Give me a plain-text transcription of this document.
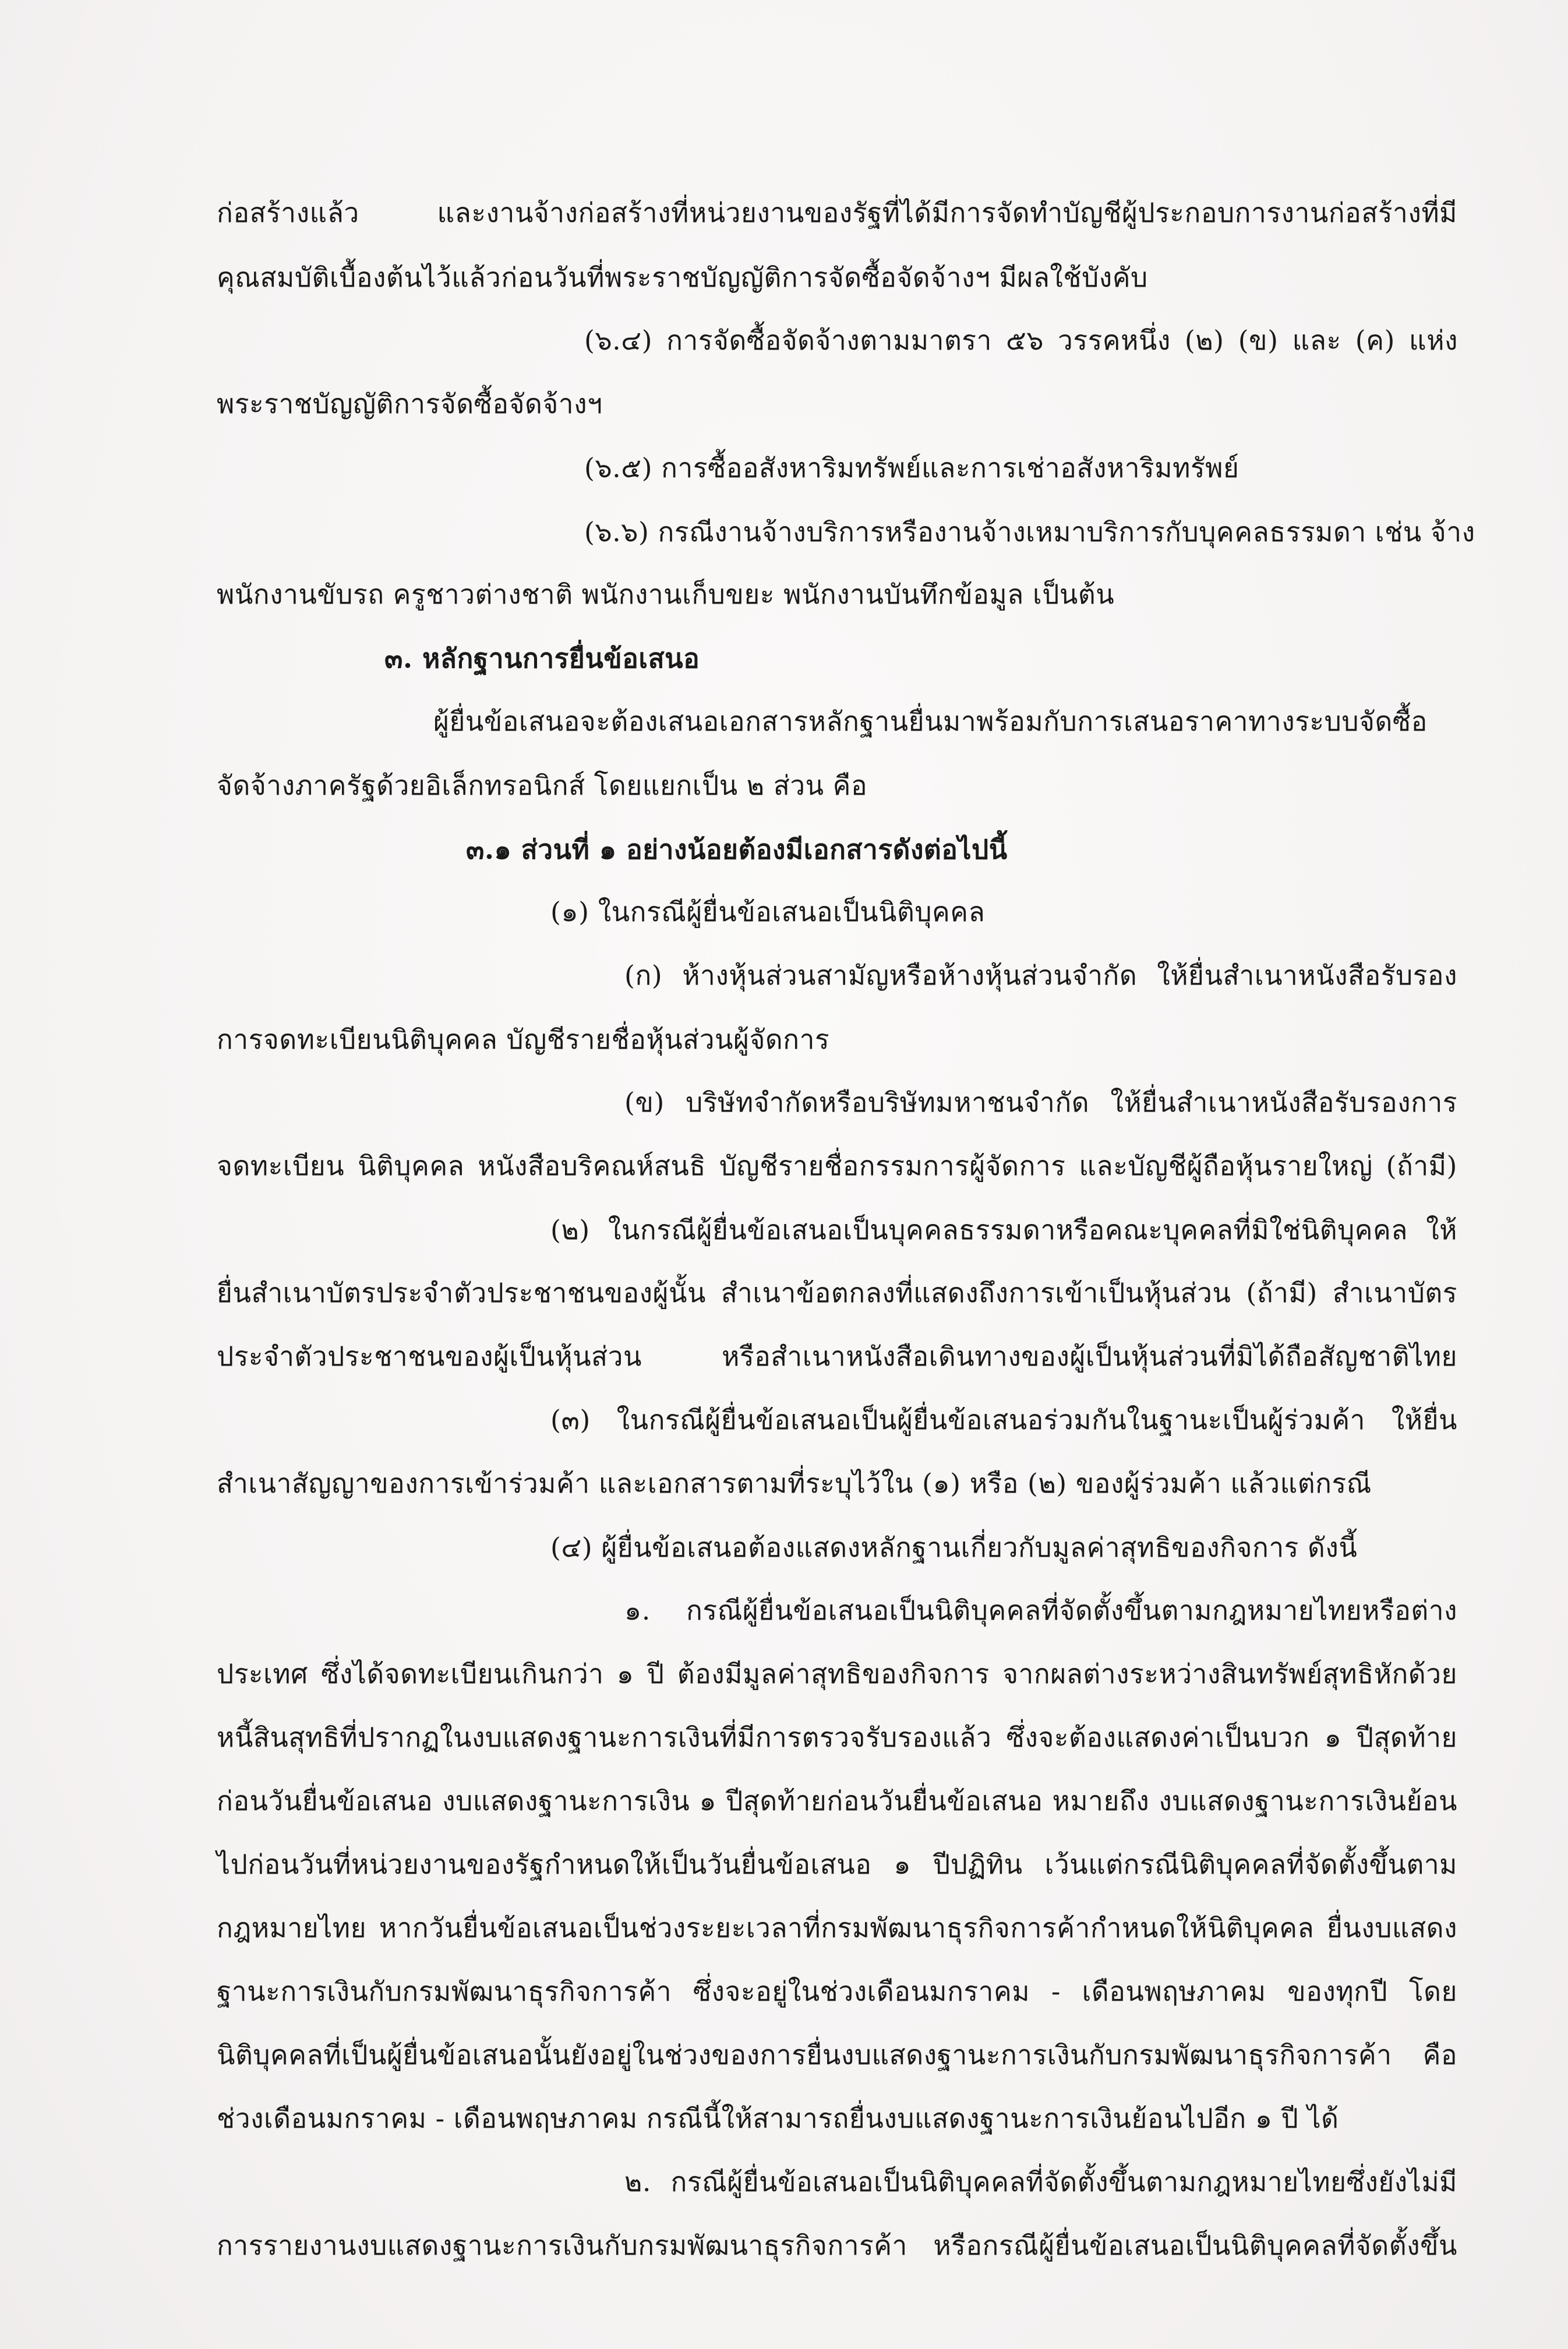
ก่อสร้างแล้ว และงานจ้างก่อสร้างที่หน่วยงานของรัฐที่ได้มีการจัดทำบัญชีผู้ประกอบการงานก่อสร้างที่มี
คุณสมบัติเบื้องต้นไว้แล้วก่อนวันที่พระราชบัญญัติการจัดซื้อจัดจ้างฯ มีผลใช้บังคับ
(๖.๔) การจัดซื้อจัดจ้างตามมาตรา ๕๖ วรรคหนึ่ง (๒) (ข) และ (ค) แห่ง
พระราชบัญญัติการจัดซื้อจัดจ้างฯ
(๖.๕) การซื้ออสังหาริมทรัพย์และการเช่าอสังหาริมทรัพย์
(๖.๖) กรณีงานจ้างบริการหรืองานจ้างเหมาบริการกับบุคคลธรรมดา เช่น จ้าง
พนักงานขับรถ ครูชาวต่างชาติ พนักงานเก็บขยะ พนักงานบันทึกข้อมูล เป็นต้น
๓. หลักฐานการยื่นข้อเสนอ
ผู้ยื่นข้อเสนอจะต้องเสนอเอกสารหลักฐานยื่นมาพร้อมกับการเสนอราคาทางระบบจัดซื้อ
จัดจ้างภาครัฐด้วยอิเล็กทรอนิกส์ โดยแยกเป็น ๒ ส่วน คือ
๓.๑ ส่วนที่ ๑ อย่างน้อยต้องมีเอกสารดังต่อไปนี้
(๑) ในกรณีผู้ยื่นข้อเสนอเป็นนิติบุคคล
(ก) ห้างหุ้นส่วนสามัญหรือห้างหุ้นส่วนจำกัด ให้ยื่นสำเนาหนังสือรับรอง
การจดทะเบียนนิติบุคคล บัญชีรายชื่อหุ้นส่วนผู้จัดการ
(ข) บริษัทจำกัดหรือบริษัทมหาชนจำกัด ให้ยื่นสำเนาหนังสือรับรองการ
จดทะเบียน นิติบุคคล หนังสือบริคณห์สนธิ บัญชีรายชื่อกรรมการผู้จัดการ และบัญชีผู้ถือหุ้นรายใหญ่ (ถ้ามี)
(๒) ในกรณีผู้ยื่นข้อเสนอเป็นบุคคลธรรมดาหรือคณะบุคคลที่มิใช่นิติบุคคล ให้
ยื่นสำเนาบัตรประจำตัวประชาชนของผู้นั้น สำเนาข้อตกลงที่แสดงถึงการเข้าเป็นหุ้นส่วน (ถ้ามี) สำเนาบัตร
ประจำตัวประชาชนของผู้เป็นหุ้นส่วน หรือสำเนาหนังสือเดินทางของผู้เป็นหุ้นส่วนที่มิได้ถือสัญชาติไทย
(๓) ในกรณีผู้ยื่นข้อเสนอเป็นผู้ยื่นข้อเสนอร่วมกันในฐานะเป็นผู้ร่วมค้า ให้ยื่น
สำเนาสัญญาของการเข้าร่วมค้า และเอกสารตามที่ระบุไว้ใน (๑) หรือ (๒) ของผู้ร่วมค้า แล้วแต่กรณี
(๔) ผู้ยื่นข้อเสนอต้องแสดงหลักฐานเกี่ยวกับมูลค่าสุทธิของกิจการ ดังนี้
๑. กรณีผู้ยื่นข้อเสนอเป็นนิติบุคคลที่จัดตั้งขึ้นตามกฎหมายไทยหรือต่าง
ประเทศ ซึ่งได้จดทะเบียนเกินกว่า ๑ ปี ต้องมีมูลค่าสุทธิของกิจการ จากผลต่างระหว่างสินทรัพย์สุทธิหักด้วย
หนี้สินสุทธิที่ปรากฏในงบแสดงฐานะการเงินที่มีการตรวจรับรองแล้ว ซึ่งจะต้องแสดงค่าเป็นบวก ๑ ปีสุดท้าย
ก่อนวันยื่นข้อเสนอ งบแสดงฐานะการเงิน ๑ ปีสุดท้ายก่อนวันยื่นข้อเสนอ หมายถึง งบแสดงฐานะการเงินย้อน
ไปก่อนวันที่หน่วยงานของรัฐกำหนดให้เป็นวันยื่นข้อเสนอ ๑ ปีปฏิทิน เว้นแต่กรณีนิติบุคคลที่จัดตั้งขึ้นตาม
กฎหมายไทย หากวันยื่นข้อเสนอเป็นช่วงระยะเวลาที่กรมพัฒนาธุรกิจการค้ากำหนดให้นิติบุคคล ยื่นงบแสดง
ฐานะการเงินกับกรมพัฒนาธุรกิจการค้า ซึ่งจะอยู่ในช่วงเดือนมกราคม - เดือนพฤษภาคม ของทุกปี โดย
นิติบุคคลที่เป็นผู้ยื่นข้อเสนอนั้นยังอยู่ในช่วงของการยื่นงบแสดงฐานะการเงินกับกรมพัฒนาธุรกิจการค้า คือ
ช่วงเดือนมกราคม - เดือนพฤษภาคม กรณีนี้ให้สามารถยื่นงบแสดงฐานะการเงินย้อนไปอีก ๑ ปี ได้
๒. กรณีผู้ยื่นข้อเสนอเป็นนิติบุคคลที่จัดตั้งขึ้นตามกฎหมายไทยซึ่งยังไม่มี
การรายงานงบแสดงฐานะการเงินกับกรมพัฒนาธุรกิจการค้า หรือกรณีผู้ยื่นข้อเสนอเป็นนิติบุคคลที่จัดตั้งขึ้น
